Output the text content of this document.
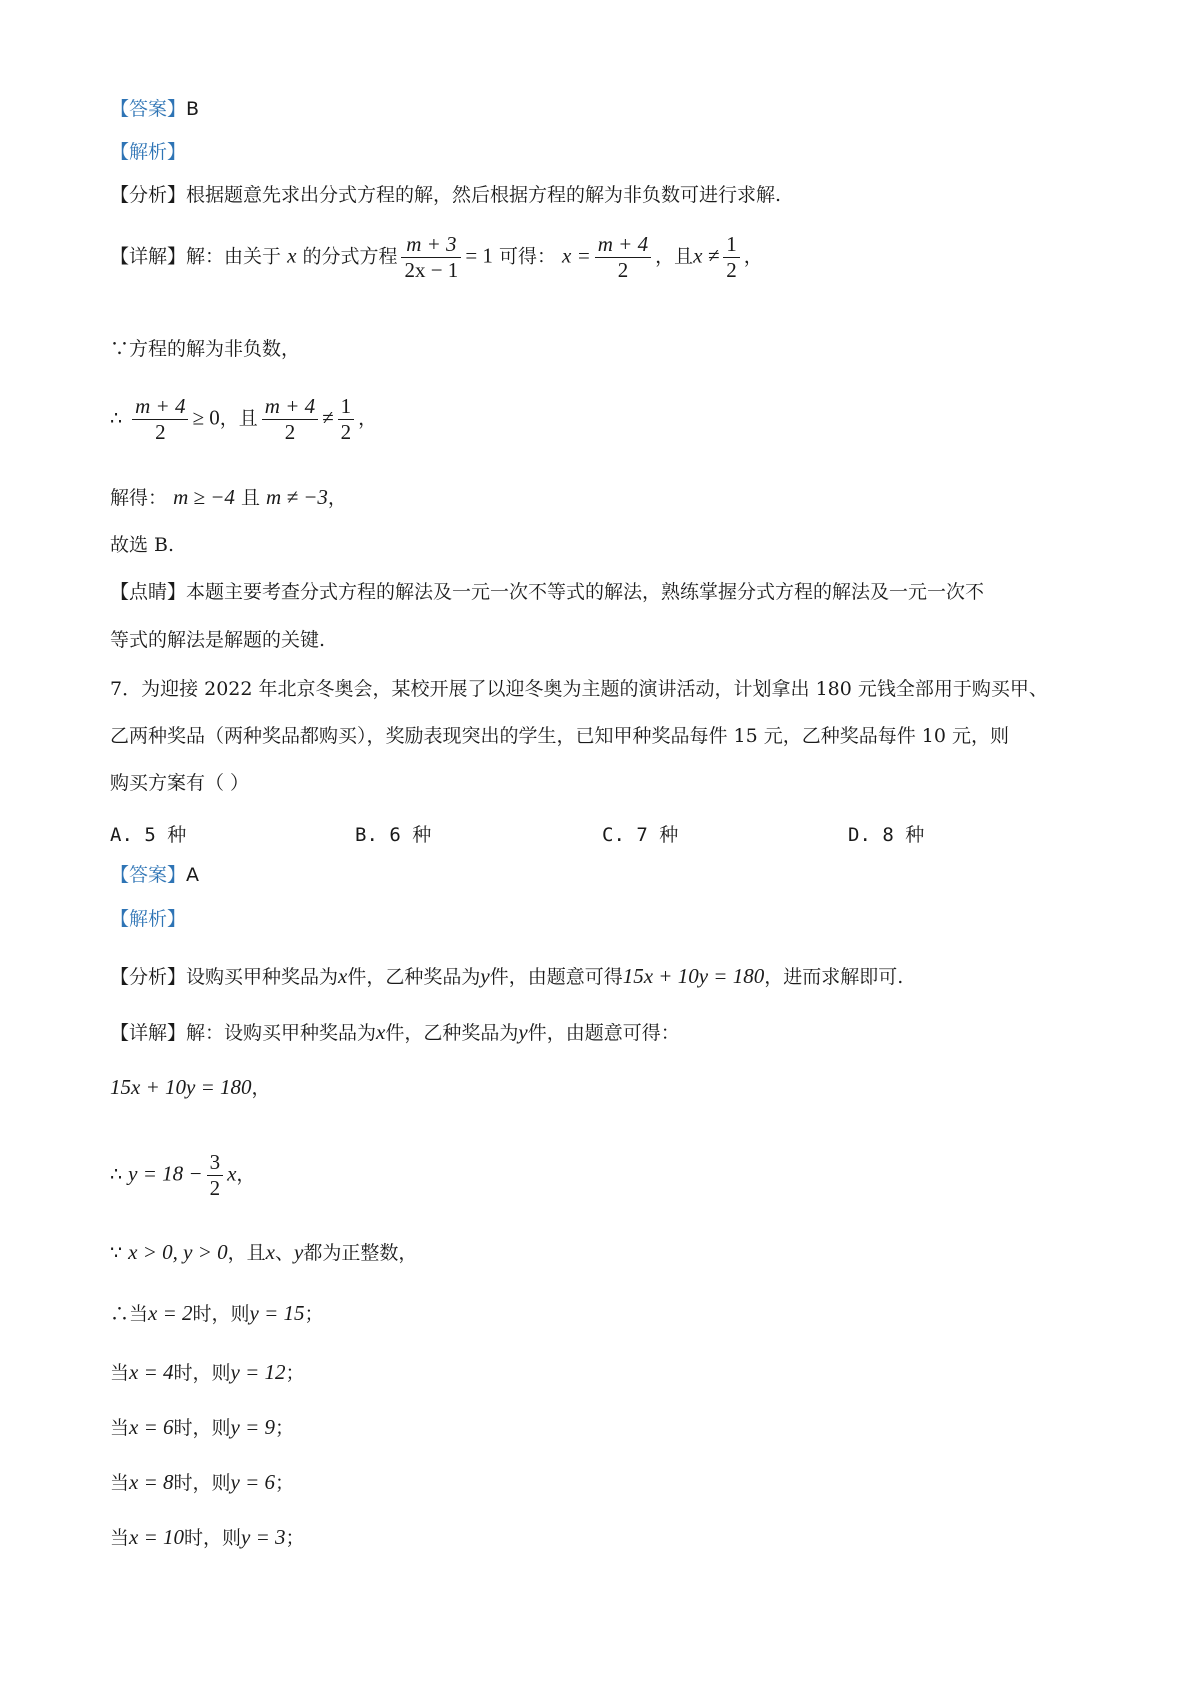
【答案】B
【解析】
【分析】根据题意先求出分式方程的解，然后根据方程的解为非负数可进行求解.
【详解】解：由关于 x 的分式方程 $\frac{m + 3}{2x - 1} = 1$ 可得： $x = \frac{m + 4}{2}$ ，且$x \ne \frac{1}{2}$ ，
∵方程的解为非负数，
∴ $\frac{m + 4}{2} \ge 0$，且 $\frac{m + 4}{2} \ne \frac{1}{2}$ ，
解得： m ≥ −4 且 m ≠ −3，
故选 B.
【点睛】本题主要考查分式方程的解法及一元一次不等式的解法，熟练掌握分式方程的解法及一元一次不
等式的解法是解题的关键.
7．为迎接 2022 年北京冬奥会，某校开展了以迎冬奥为主题的演讲活动，计划拿出 180 元钱全部用于购买甲、
乙两种奖品（两种奖品都购买），奖励表现突出的学生，已知甲种奖品每件 15 元，乙种奖品每件 10 元，则
购买方案有（ ）
A. 5 种	B. 6 种	C. 7 种	D. 8 种
【答案】A
【解析】
【分析】设购买甲种奖品为x件，乙种奖品为y件，由题意可得15x + 10y = 180，进而求解即可.
【详解】解：设购买甲种奖品为x件，乙种奖品为y件，由题意可得：
15x + 10y = 180，
∴ $y = 18 - \frac{3}{2}$ x，
∵ x > 0, y > 0，且x、y都为正整数，
∴当x = 2时，则y = 15；
当x = 4时，则y = 12；
当x = 6时，则y = 9；
当x = 8时，则y = 6；
当x = 10时，则y = 3；
